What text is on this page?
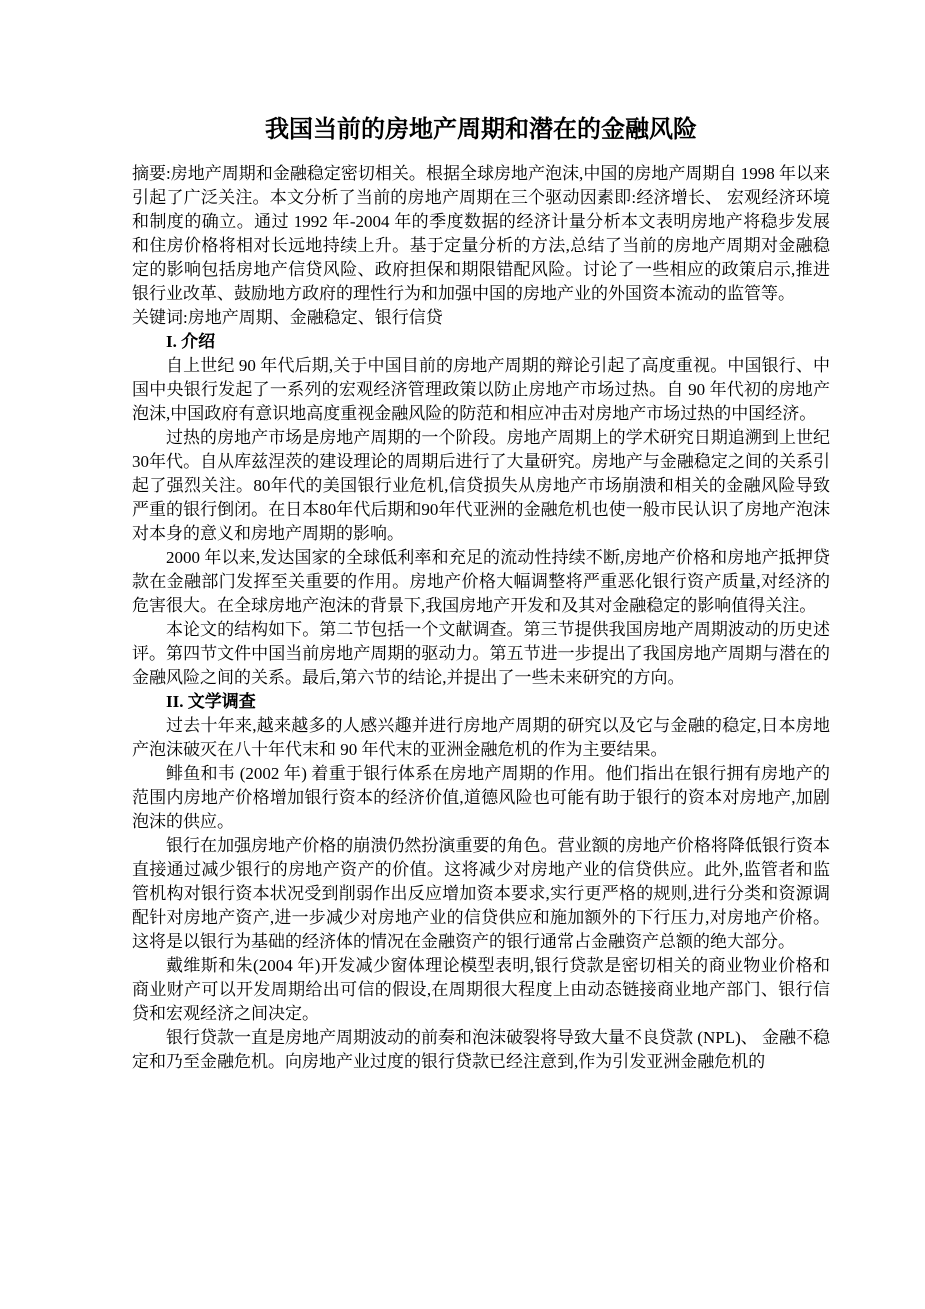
我国当前的房地产周期和潜在的金融风险

摘要:房地产周期和金融稳定密切相关。根据全球房地产泡沫,中国的房地产周期自 1998 年以来引起了广泛关注。本文分析了当前的房地产周期在三个驱动因素即:经济增长、 宏观经济环境和制度的确立。通过 1992 年-2004 年的季度数据的经济计量分析本文表明房地产将稳步发展和住房价格将相对长远地持续上升。基于定量分析的方法,总结了当前的房地产周期对金融稳定的影响包括房地产信贷风险、政府担保和期限错配风险。讨论了一些相应的政策启示,推进银行业改革、鼓励地方政府的理性行为和加强中国的房地产业的外国资本流动的监管等。

关键词:房地产周期、金融稳定、银行信贷

I. 介绍

自上世纪 90 年代后期,关于中国目前的房地产周期的辩论引起了高度重视。中国银行、中国中央银行发起了一系列的宏观经济管理政策以防止房地产市场过热。自 90 年代初的房地产泡沫,中国政府有意识地高度重视金融风险的防范和相应冲击对房地产市场过热的中国经济。

过热的房地产市场是房地产周期的一个阶段。房地产周期上的学术研究日期追溯到上世纪30年代。自从库兹涅茨的建设理论的周期后进行了大量研究。房地产与金融稳定之间的关系引起了强烈关注。80年代的美国银行业危机,信贷损失从房地产市场崩溃和相关的金融风险导致严重的银行倒闭。在日本80年代后期和90年代亚洲的金融危机也使一般市民认识了房地产泡沫对本身的意义和房地产周期的影响。

2000 年以来,发达国家的全球低利率和充足的流动性持续不断,房地产价格和房地产抵押贷款在金融部门发挥至关重要的作用。房地产价格大幅调整将严重恶化银行资产质量,对经济的危害很大。在全球房地产泡沫的背景下,我国房地产开发和及其对金融稳定的影响值得关注。

本论文的结构如下。第二节包括一个文献调查。第三节提供我国房地产周期波动的历史述评。第四节文件中国当前房地产周期的驱动力。第五节进一步提出了我国房地产周期与潜在的金融风险之间的关系。最后,第六节的结论,并提出了一些未来研究的方向。

II. 文学调查

过去十年来,越来越多的人感兴趣并进行房地产周期的研究以及它与金融的稳定,日本房地产泡沫破灭在八十年代末和 90 年代末的亚洲金融危机的作为主要结果。

鲱鱼和韦 (2002 年) 着重于银行体系在房地产周期的作用。他们指出在银行拥有房地产的范围内房地产价格增加银行资本的经济价值,道德风险也可能有助于银行的资本对房地产,加剧泡沫的供应。

银行在加强房地产价格的崩溃仍然扮演重要的角色。营业额的房地产价格将降低银行资本直接通过减少银行的房地产资产的价值。这将减少对房地产业的信贷供应。此外,监管者和监管机构对银行资本状况受到削弱作出反应增加资本要求,实行更严格的规则,进行分类和资源调配针对房地产资产,进一步减少对房地产业的信贷供应和施加额外的下行压力,对房地产价格。这将是以银行为基础的经济体的情况在金融资产的银行通常占金融资产总额的绝大部分。

戴维斯和朱(2004 年)开发减少窗体理论模型表明,银行贷款是密切相关的商业物业价格和商业财产可以开发周期给出可信的假设,在周期很大程度上由动态链接商业地产部门、银行信贷和宏观经济之间决定。

银行贷款一直是房地产周期波动的前奏和泡沫破裂将导致大量不良贷款 (NPL)、 金融不稳定和乃至金融危机。向房地产业过度的银行贷款已经注意到,作为引发亚洲金融危机的
